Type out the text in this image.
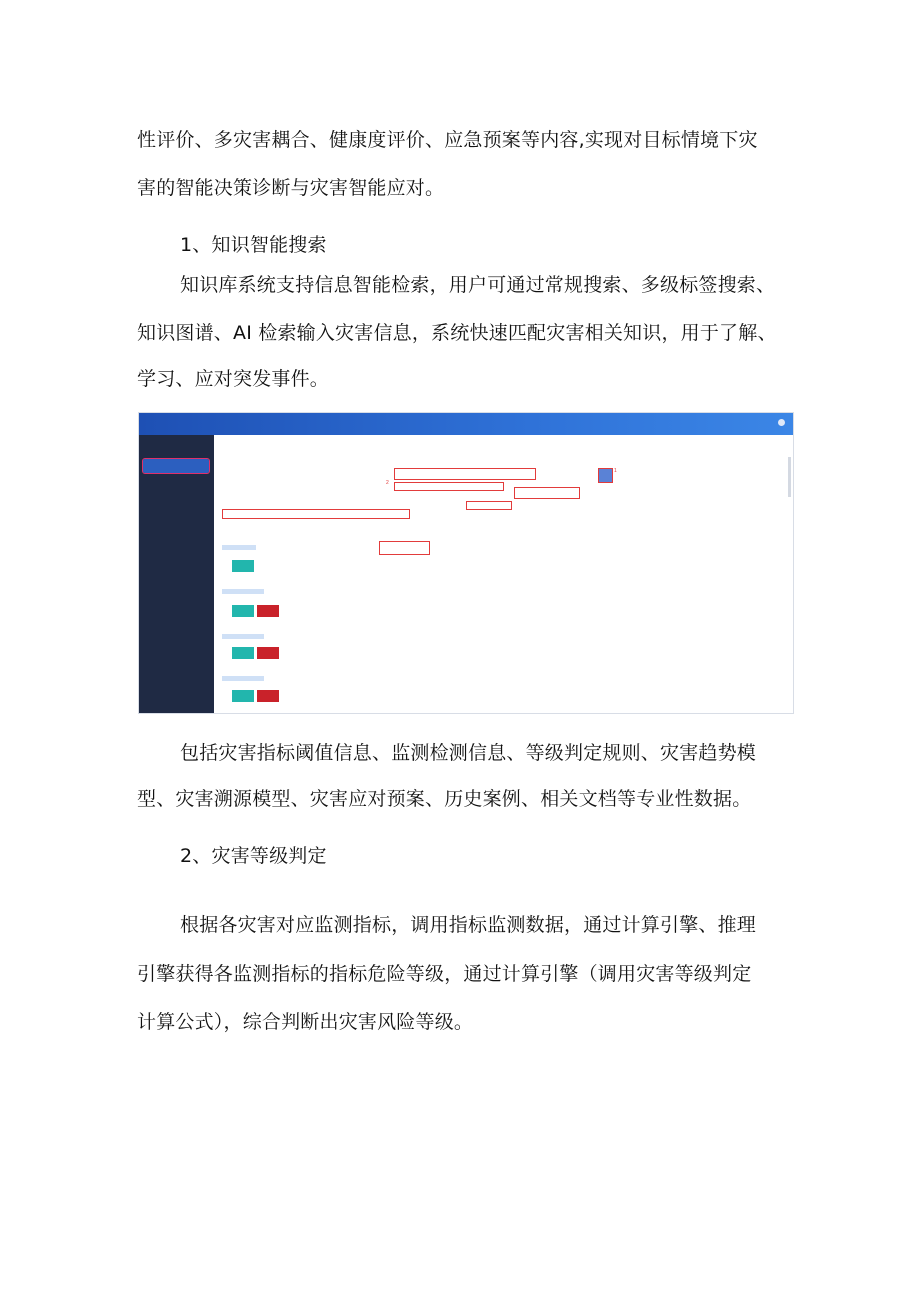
性评价、多灾害耦合、健康度评价、应急预案等内容,实现对目标情境下灾
害的智能决策诊断与灾害智能应对。
1、知识智能搜索
知识库系统支持信息智能检索，用户可通过常规搜索、多级标签搜索、
知识图谱、AI 检索输入灾害信息，系统快速匹配灾害相关知识，用于了解、
学习、应对突发事件。
1
2
包括灾害指标阈值信息、监测检测信息、等级判定规则、灾害趋势模
型、灾害溯源模型、灾害应对预案、历史案例、相关文档等专业性数据。
2、灾害等级判定
根据各灾害对应监测指标，调用指标监测数据，通过计算引擎、推理
引擎获得各监测指标的指标危险等级，通过计算引擎（调用灾害等级判定
计算公式），综合判断出灾害风险等级。
